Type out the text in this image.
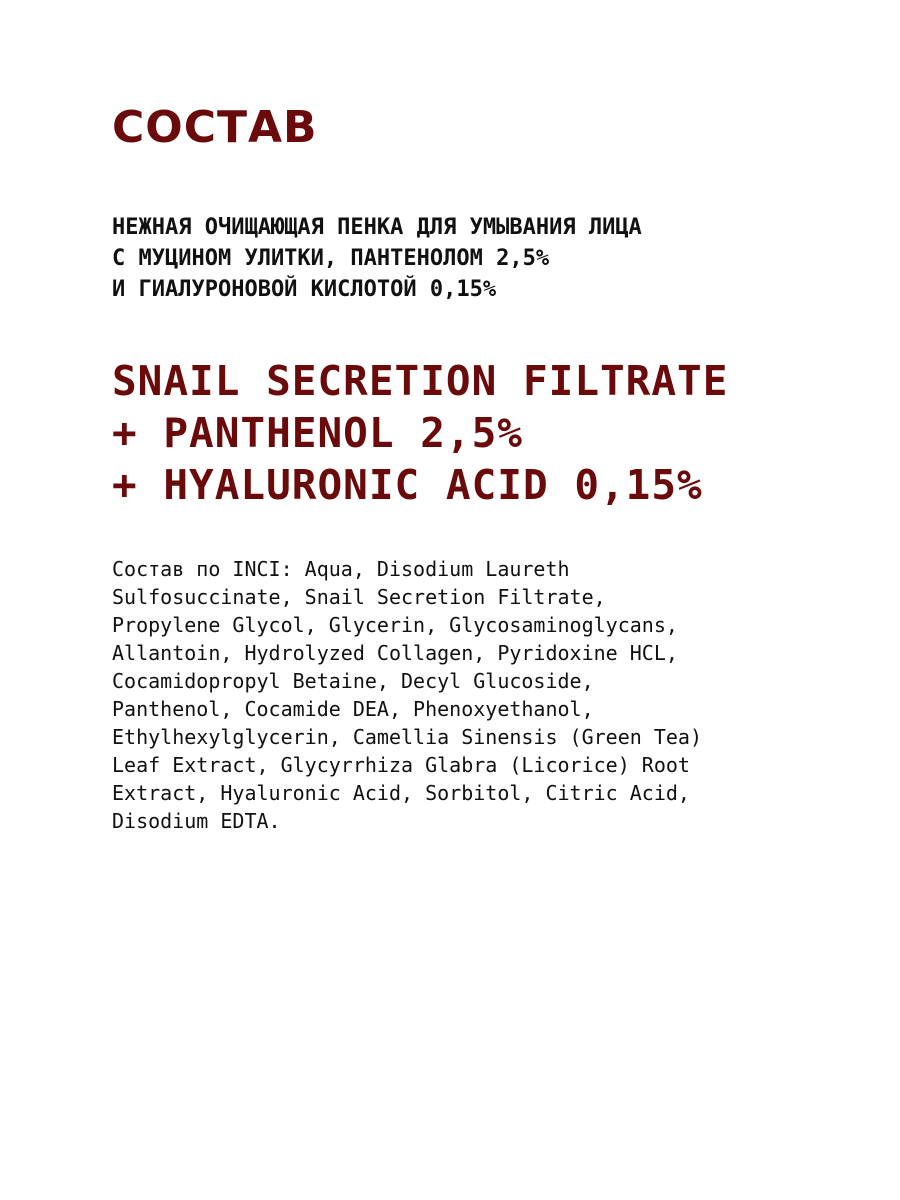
СОСТАВ

НЕЖНАЯ ОЧИЩАЮЩАЯ ПЕНКА ДЛЯ УМЫВАНИЯ ЛИЦА
С МУЦИНОМ УЛИТКИ, ПАНТЕНОЛОМ 2,5%
И ГИАЛУРОНОВОЙ КИСЛОТОЙ 0,15%

SNAIL SECRETION FILTRATE
+ PANTHENOL 2,5%
+ HYALURONIC ACID 0,15%

Состав по INCI: Aqua, Disodium Laureth
Sulfosuccinate, Snail Secretion Filtrate,
Propylene Glycol, Glycerin, Glycosaminoglycans,
Allantoin, Hydrolyzed Collagen, Pyridoxine HCL,
Cocamidopropyl Betaine, Decyl Glucoside,
Panthenol, Cocamide DEA, Phenoxyethanol,
Ethylhexylglycerin, Camellia Sinensis (Green Tea)
Leaf Extract, Glycyrrhiza Glabra (Licorice) Root
Extract, Hyaluronic Acid, Sorbitol, Citric Acid,
Disodium EDTA.
